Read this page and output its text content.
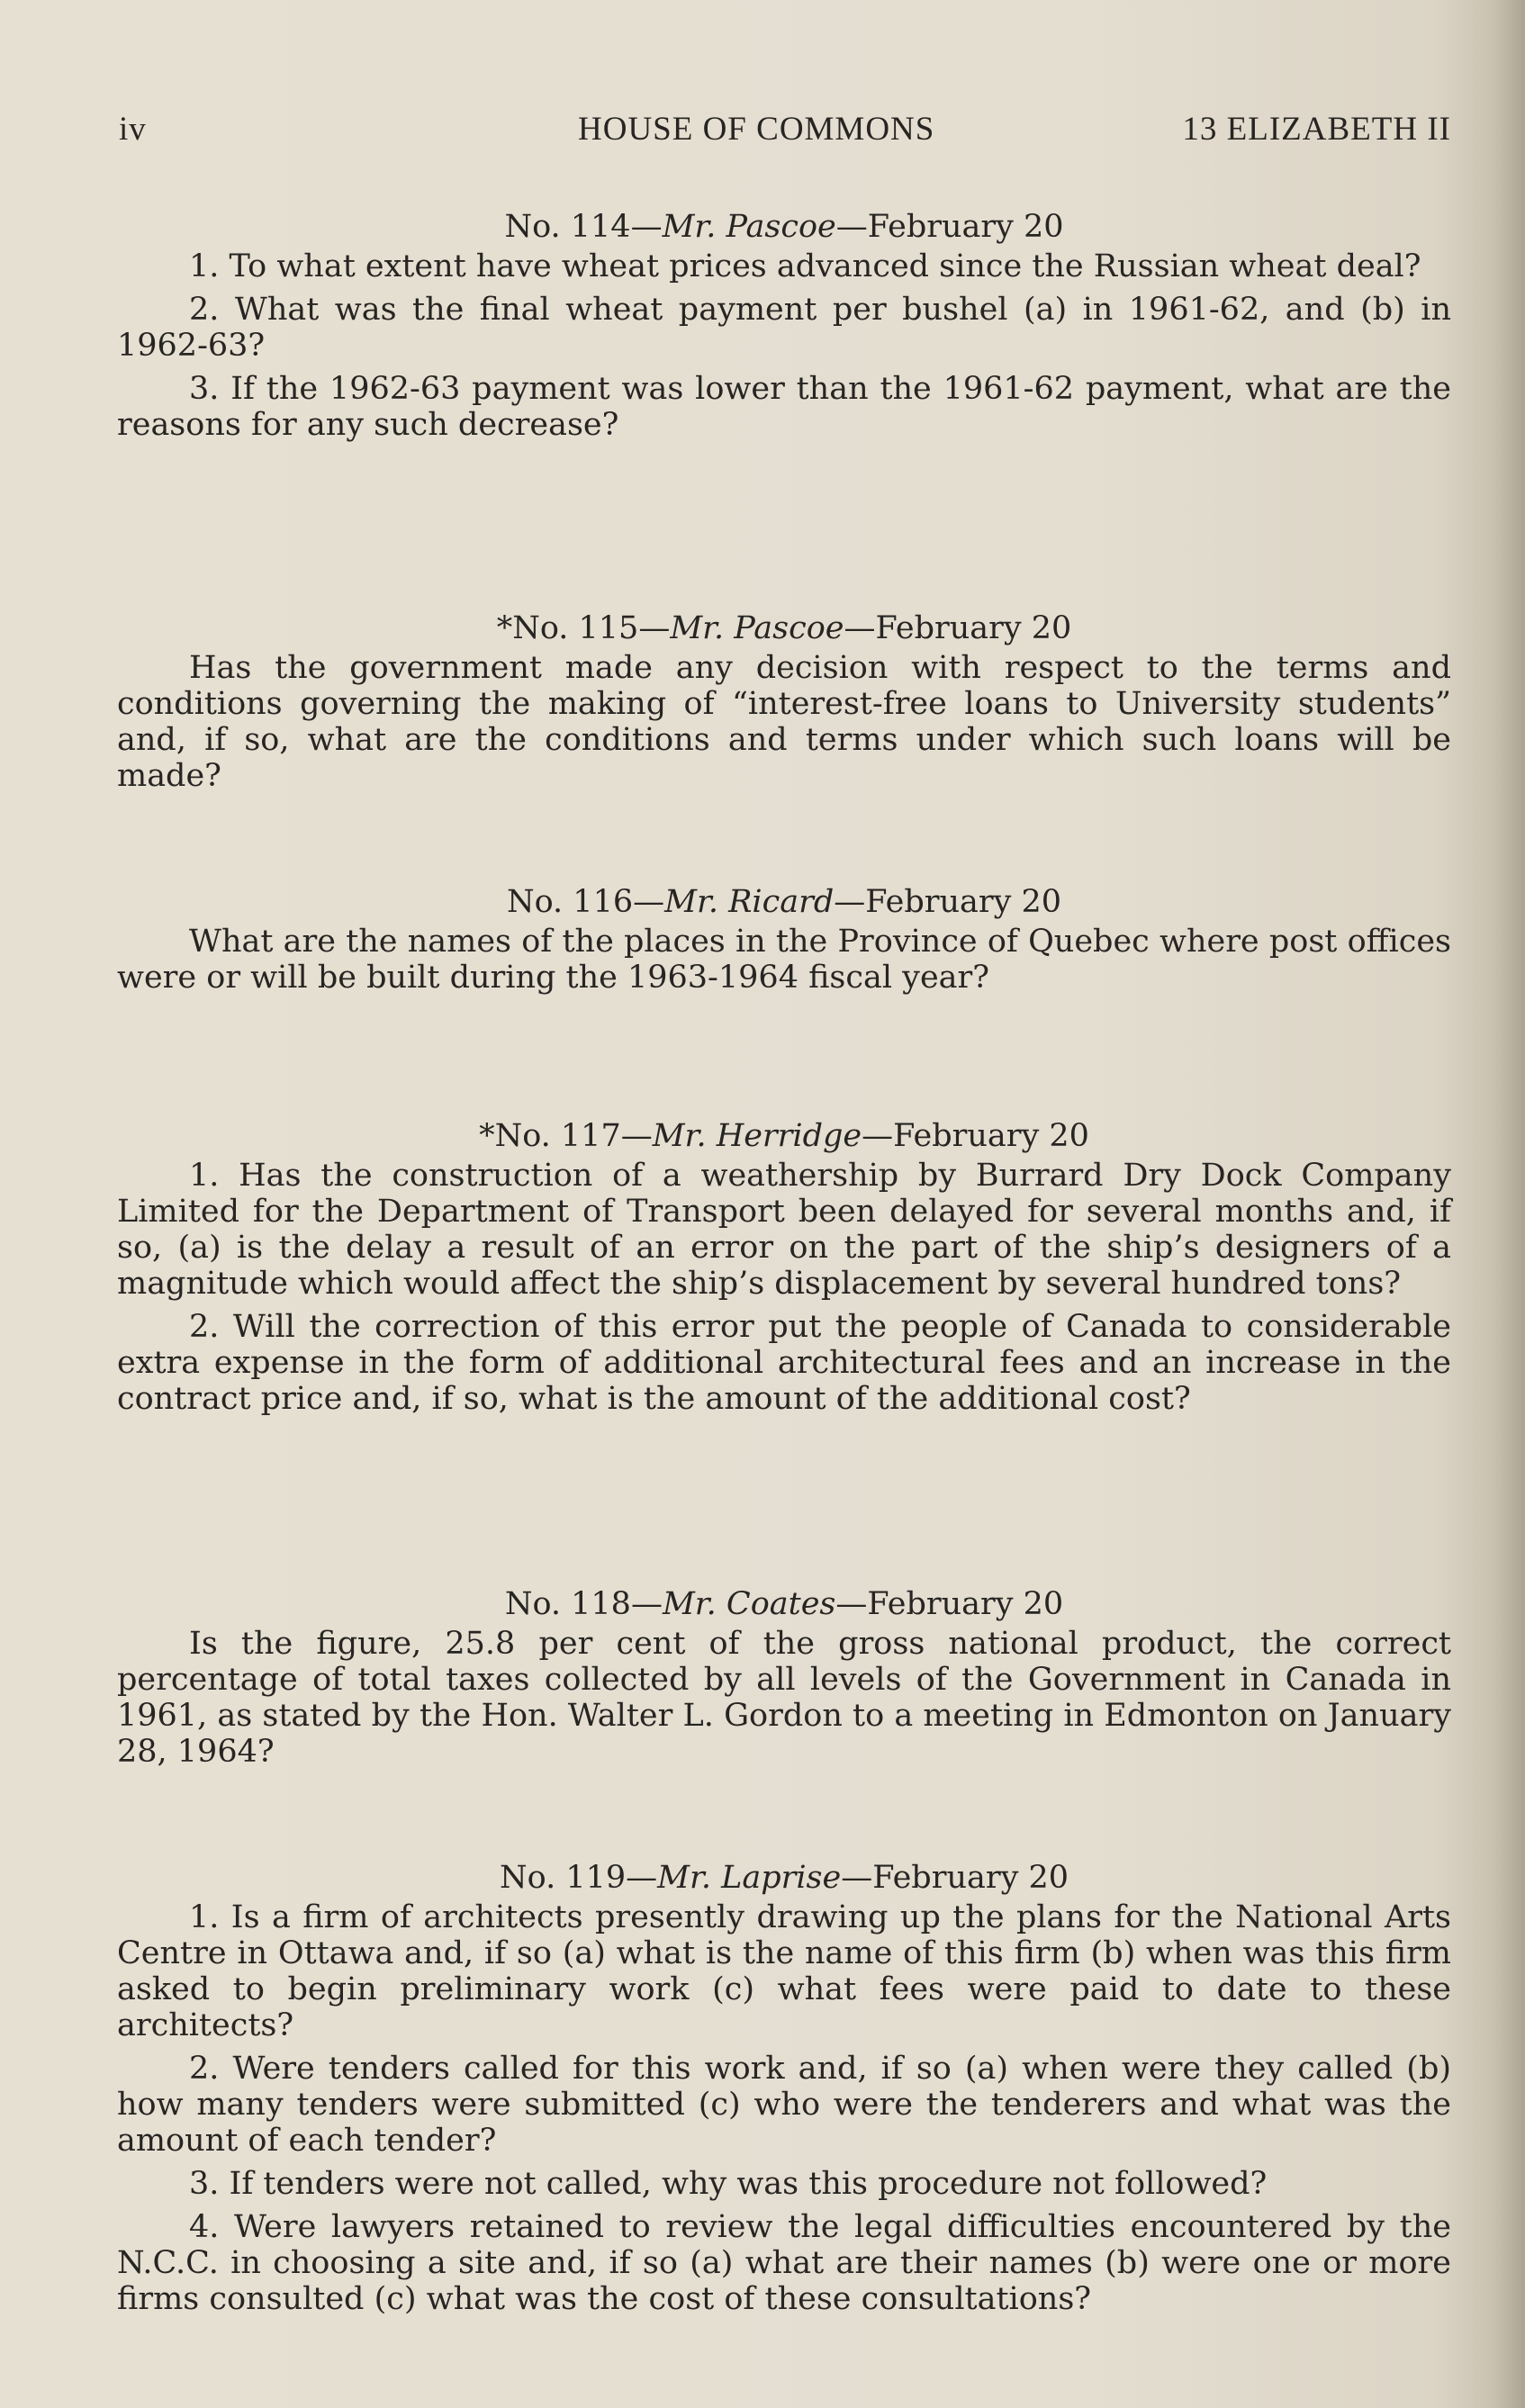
iv	HOUSE OF COMMONS	13 ELIZABETH II
No. 114—Mr. Pascoe—February 20

1. To what extent have wheat prices advanced since the Russian wheat deal?

2. What was the final wheat payment per bushel (a) in 1961-62, and (b) in 1962-63?

3. If the 1962-63 payment was lower than the 1961-62 payment, what are the reasons for any such decrease?

*No. 115—Mr. Pascoe—February 20

Has the government made any decision with respect to the terms and conditions governing the making of “interest-free loans to University students” and, if so, what are the conditions and terms under which such loans will be made?

No. 116—Mr. Ricard—February 20

What are the names of the places in the Province of Quebec where post offices were or will be built during the 1963-1964 fiscal year?

*No. 117—Mr. Herridge—February 20

1. Has the construction of a weathership by Burrard Dry Dock Company Limited for the Department of Transport been delayed for several months and, if so, (a) is the delay a result of an error on the part of the ship’s designers of a magnitude which would affect the ship’s displacement by several hundred tons?

2. Will the correction of this error put the people of Canada to considerable extra expense in the form of additional architectural fees and an increase in the contract price and, if so, what is the amount of the additional cost?

No. 118—Mr. Coates—February 20

Is the figure, 25.8 per cent of the gross national product, the correct percentage of total taxes collected by all levels of the Government in Canada in 1961, as stated by the Hon. Walter L. Gordon to a meeting in Edmonton on January 28, 1964?

No. 119—Mr. Laprise—February 20

1. Is a firm of architects presently drawing up the plans for the National Arts Centre in Ottawa and, if so (a) what is the name of this firm (b) when was this firm asked to begin preliminary work (c) what fees were paid to date to these architects?

2. Were tenders called for this work and, if so (a) when were they called (b) how many tenders were submitted (c) who were the tenderers and what was the amount of each tender?

3. If tenders were not called, why was this procedure not followed?

4. Were lawyers retained to review the legal difficulties encountered by the N.C.C. in choosing a site and, if so (a) what are their names (b) were one or more firms consulted (c) what was the cost of these consultations?
